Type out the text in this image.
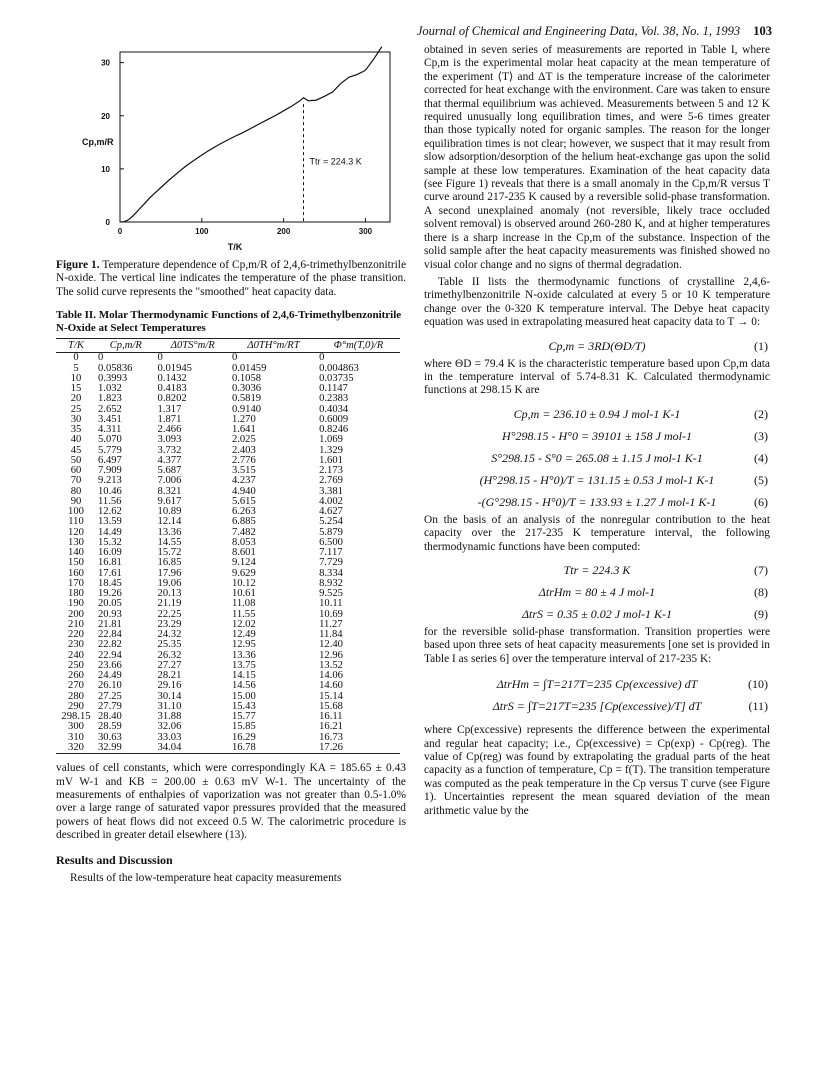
Journal of Chemical and Engineering Data, Vol. 38, No. 1, 1993 103
0	100	200	300
0
10
20
30
Ttr = 224.3 K
Cp,m/R
T/K

Figure 1. Temperature dependence of Cp,m/R of 2,4,6-trimethylbenzonitrile N-oxide. The vertical line indicates the temperature of the phase transition. The solid curve represents the "smoothed" heat capacity data.

Table II. Molar Thermodynamic Functions of 2,4,6-Trimethylbenzonitrile N-Oxide at Select Temperatures
T/K	Cp,m/R	Δ0TS°m/R	Δ0TH°m/RT	Φ°m(T,0)/R
0	0	0	0	0
5	0.05836	0.01945	0.01459	0.004863
10	0.3993	0.1432	0.1058	0.03735
15	1.032	0.4183	0.3036	0.1147
20	1.823	0.8202	0.5819	0.2383
25	2.652	1.317	0.9140	0.4034
30	3.451	1.871	1.270	0.6009
35	4.311	2.466	1.641	0.8246
40	5.070	3.093	2.025	1.069
45	5.779	3.732	2.403	1.329
50	6.497	4.377	2.776	1.601
60	7.909	5.687	3.515	2.173
70	9.213	7.006	4.237	2.769
80	10.46	8.321	4.940	3.381
90	11.56	9.617	5.615	4.002
100	12.62	10.89	6.263	4.627
110	13.59	12.14	6.885	5.254
120	14.49	13.36	7.482	5.879
130	15.32	14.55	8.053	6.500
140	16.09	15.72	8.601	7.117
150	16.81	16.85	9.124	7.729
160	17.61	17.96	9.629	8.334
170	18.45	19.06	10.12	8.932
180	19.26	20.13	10.61	9.525
190	20.05	21.19	11.08	10.11
200	20.93	22.25	11.55	10.69
210	21.81	23.29	12.02	11.27
220	22.84	24.32	12.49	11.84
230	22.82	25.35	12.95	12.40
240	22.94	26.32	13.36	12.96
250	23.66	27.27	13.75	13.52
260	24.49	28.21	14.15	14.06
270	26.10	29.16	14.56	14.60
280	27.25	30.14	15.00	15.14
290	27.79	31.10	15.43	15.68
298.15	28.40	31.88	15.77	16.11
300	28.59	32.06	15.85	16.21
310	30.63	33.03	16.29	16.73
320	32.99	34.04	16.78	17.26

values of cell constants, which were correspondingly KA = 185.65 ± 0.43 mV W-1 and KB = 200.00 ± 0.63 mV W-1. The uncertainty of the measurements of enthalpies of vaporization was not greater than 0.5-1.0% over a large range of saturated vapor pressures provided that the measured powers of heat flows did not exceed 0.5 W. The calorimetric procedure is described in greater detail elsewhere (13).

Results and Discussion

Results of the low-temperature heat capacity measurements

obtained in seven series of measurements are reported in Table I, where Cp,m is the experimental molar heat capacity at the mean temperature of the experiment ⟨T⟩ and ΔT is the temperature increase of the calorimeter corrected for heat exchange with the environment. Care was taken to ensure that thermal equilibrium was achieved. Measurements between 5 and 12 K required unusually long equilibration times, and were 5-6 times greater than those typically noted for organic samples. The reason for the longer equilibration times is not clear; however, we suspect that it may result from slow adsorption/desorption of the helium heat-exchange gas upon the solid sample at these low temperatures. Examination of the heat capacity data (see Figure 1) reveals that there is a small anomaly in the Cp,m/R versus T curve around 217-235 K caused by a reversible solid-phase transformation. A second unexplained anomaly (not reversible, likely trace occluded solvent removal) is observed around 260-280 K, and at higher temperatures there is a sharp increase in the Cp,m of the substance. Inspection of the solid sample after the heat capacity measurements was finished showed no visual color change and no signs of thermal degradation.

Table II lists the thermodynamic functions of crystalline 2,4,6-trimethylbenzonitrile N-oxide calculated at every 5 or 10 K temperature change over the 0-320 K temperature interval. The Debye heat capacity equation was used in extrapolating measured heat capacity data to T → 0:

Cp,m = 3RD(ΘD/T)	(1)

where ΘD = 79.4 K is the characteristic temperature based upon Cp,m data in the temperature interval of 5.74-8.31 K. Calculated thermodynamic functions at 298.15 K are

Cp,m = 236.10 ± 0.94 J mol-1 K-1	(2)
H°298.15 - H°0 = 39101 ± 158 J mol-1	(3)
S°298.15 - S°0 = 265.08 ± 1.15 J mol-1 K-1	(4)
(H°298.15 - H°0)/T = 131.15 ± 0.53 J mol-1 K-1	(5)
-(G°298.15 - H°0)/T = 133.93 ± 1.27 J mol-1 K-1	(6)

On the basis of an analysis of the nonregular contribution to the heat capacity over the 217-235 K temperature interval, the following thermodynamic functions have been computed:

Ttr = 224.3 K	(7)
ΔtrHm = 80 ± 4 J mol-1	(8)
ΔtrS = 0.35 ± 0.02 J mol-1 K-1	(9)

for the reversible solid-phase transformation. Transition properties were based upon three sets of heat capacity measurements [one set is provided in Table I as series 6] over the temperature interval of 217-235 K:

ΔtrHm = ∫T=217T=235 Cp(excessive) dT	(10)
ΔtrS = ∫T=217T=235 [Cp(excessive)/T] dT	(11)

where Cp(excessive) represents the difference between the experimental and regular heat capacity; i.e., Cp(excessive) = Cp(exp) - Cp(reg). The value of Cp(reg) was found by extrapolating the gradual parts of the heat capacity as a function of temperature, Cp = f(T). The transition temperature was computed as the peak temperature in the Cp versus T curve (see Figure 1). Uncertainties represent the mean squared deviation of the mean arithmetic value by the
